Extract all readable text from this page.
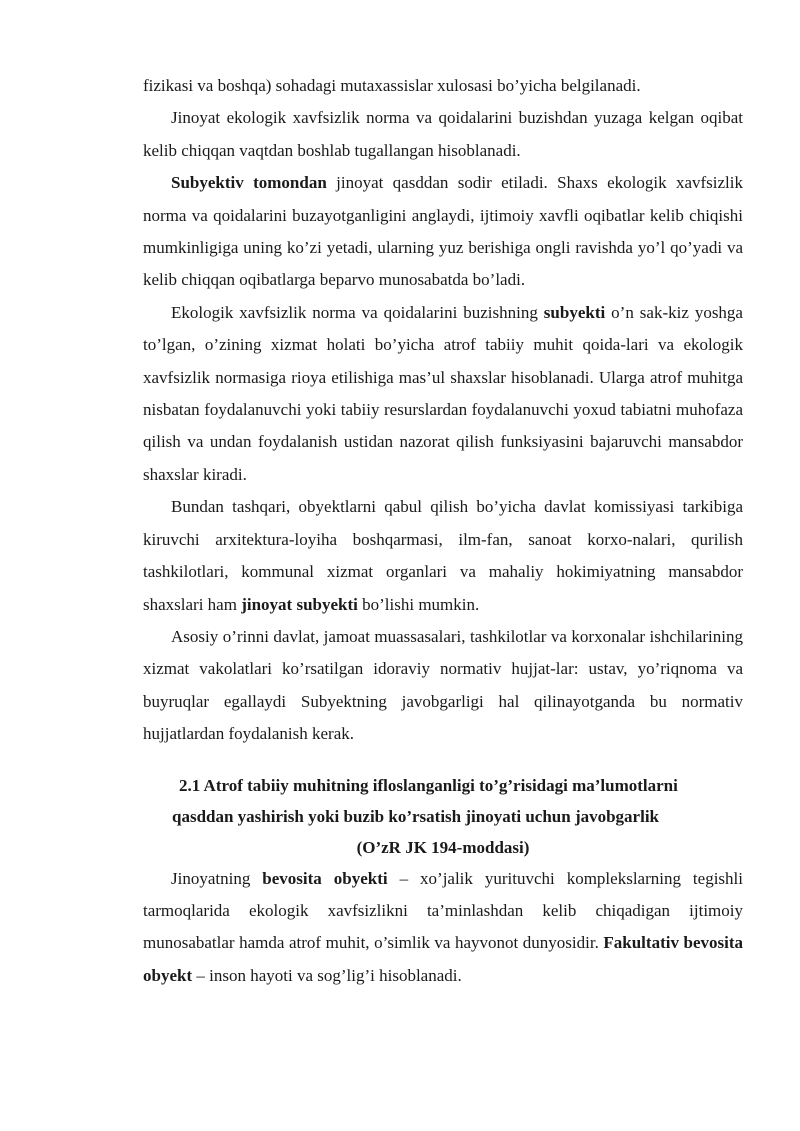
fizikasi va boshqa) sohadagi mutaxassislar xulosasi bo’yicha belgilanadi.

Jinoyat ekologik xavfsizlik norma va qoidalarini buzishdan yuzaga kelgan oqibat kelib chiqqan vaqtdan boshlab tugallangan hisoblanadi.

Subyektiv tomondan jinoyat qasddan sodir etiladi. Shaxs ekologik xavfsizlik norma va qoidalarini buzayotganligini anglaydi, ijtimoiy xavfli oqibatlar kelib chiqishi mumkinligiga uning ko’zi yetadi, ularning yuz berishiga ongli ravishda yo’l qo’yadi va kelib chiqqan oqibatlarga beparvo munosabatda bo’ladi.

Ekologik xavfsizlik norma va qoidalarini buzishning subyekti o’n sak-kiz yoshga to’lgan, o’zining xizmat holati bo’yicha atrof tabiiy muhit qoida-lari va ekologik xavfsizlik normasiga rioya etilishiga mas’ul shaxslar hisoblanadi. Ularga atrof muhitga nisbatan foydalanuvchi yoki tabiiy resurslardan foydalanuvchi yoxud tabiatni muhofaza qilish va undan foydalanish ustidan nazorat qilish funksiyasini bajaruvchi mansabdor shaxslar kiradi.

Bundan tashqari, obyektlarni qabul qilish bo’yicha davlat komissiyasi tarkibiga kiruvchi arxitektura-loyiha boshqarmasi, ilm-fan, sanoat korxo-nalari, qurilish tashkilotlari, kommunal xizmat organlari va mahaliy hokimiyatning mansabdor shaxslari ham jinoyat subyekti bo’lishi mumkin.

Asosiy o’rinni davlat, jamoat muassasalari, tashkilotlar va korxonalar ishchilarining xizmat vakolatlari ko’rsatilgan idoraviy normativ hujjat-lar: ustav, yo’riqnoma va buyruqlar egallaydi Subyektning javobgarligi hal qilinayotganda bu normativ hujjatlardan foydalanish kerak.

2.1 Atrof tabiiy muhitning ifloslanganligi to’g’risidagi ma’lumotlarni
qasddan yashirish yoki buzib ko’rsatish jinoyati uchun javobgarlik
(O’zR JK 194-moddasi)

Jinoyatning bevosita obyekti – xo’jalik yurituvchi komplekslarning tegishli tarmoqlarida ekologik xavfsizlikni ta’minlashdan kelib chiqadigan ijtimoiy munosabatlar hamda atrof muhit, o’simlik va hayvonot dunyosidir. Fakultativ bevosita obyekt – inson hayoti va sog’lig’i hisoblanadi.
